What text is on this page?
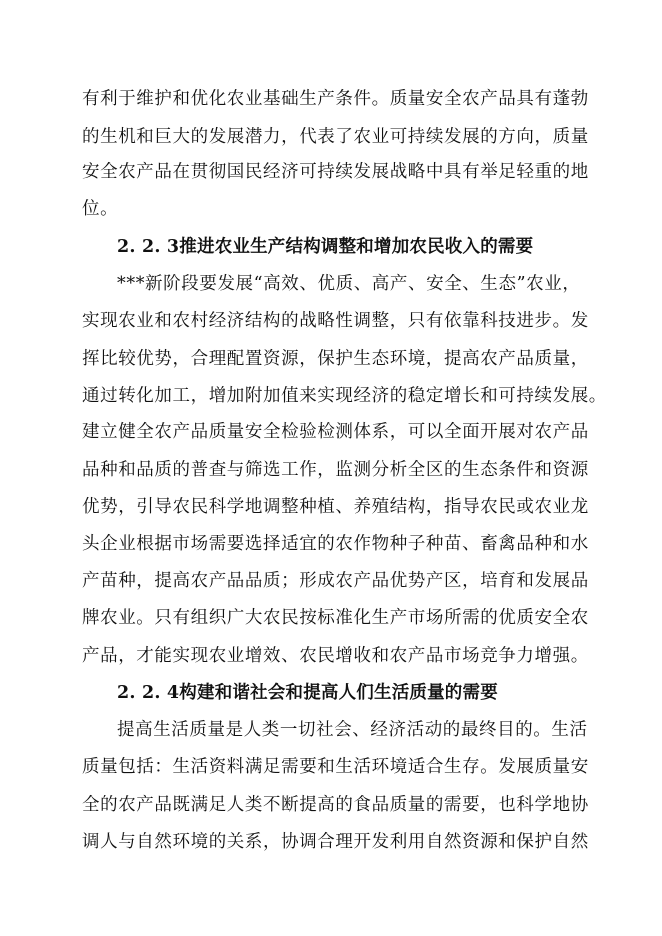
有利于维护和优化农业基础生产条件。质量安全农产品具有蓬勃
的生机和巨大的发展潜力，代表了农业可持续发展的方向，质量
安全农产品在贯彻国民经济可持续发展战略中具有举足轻重的地
位。
2. 2. 3推进农业生产结构调整和增加农民收入的需要
***新阶段要发展“高效、优质、高产、安全、生态”农业，
实现农业和农村经济结构的战略性调整，只有依靠科技进步。发
挥比较优势，合理配置资源，保护生态环境，提高农产品质量，
通过转化加工，增加附加值来实现经济的稳定增长和可持续发展。
建立健全农产品质量安全检验检测体系，可以全面开展对农产品
品种和品质的普查与筛选工作，监测分析全区的生态条件和资源
优势，引导农民科学地调整种植、养殖结构，指导农民或农业龙
头企业根据市场需要选择适宜的农作物种子种苗、畜禽品种和水
产苗种，提高农产品品质；形成农产品优势产区，培育和发展品
牌农业。只有组织广大农民按标准化生产市场所需的优质安全农
产品，才能实现农业增效、农民增收和农产品市场竞争力增强。
2. 2. 4构建和谐社会和提高人们生活质量的需要
提高生活质量是人类一切社会、经济活动的最终目的。生活
质量包括：生活资料满足需要和生活环境适合生存。发展质量安
全的农产品既满足人类不断提高的食品质量的需要，也科学地协
调人与自然环境的关系，协调合理开发利用自然资源和保护自然
